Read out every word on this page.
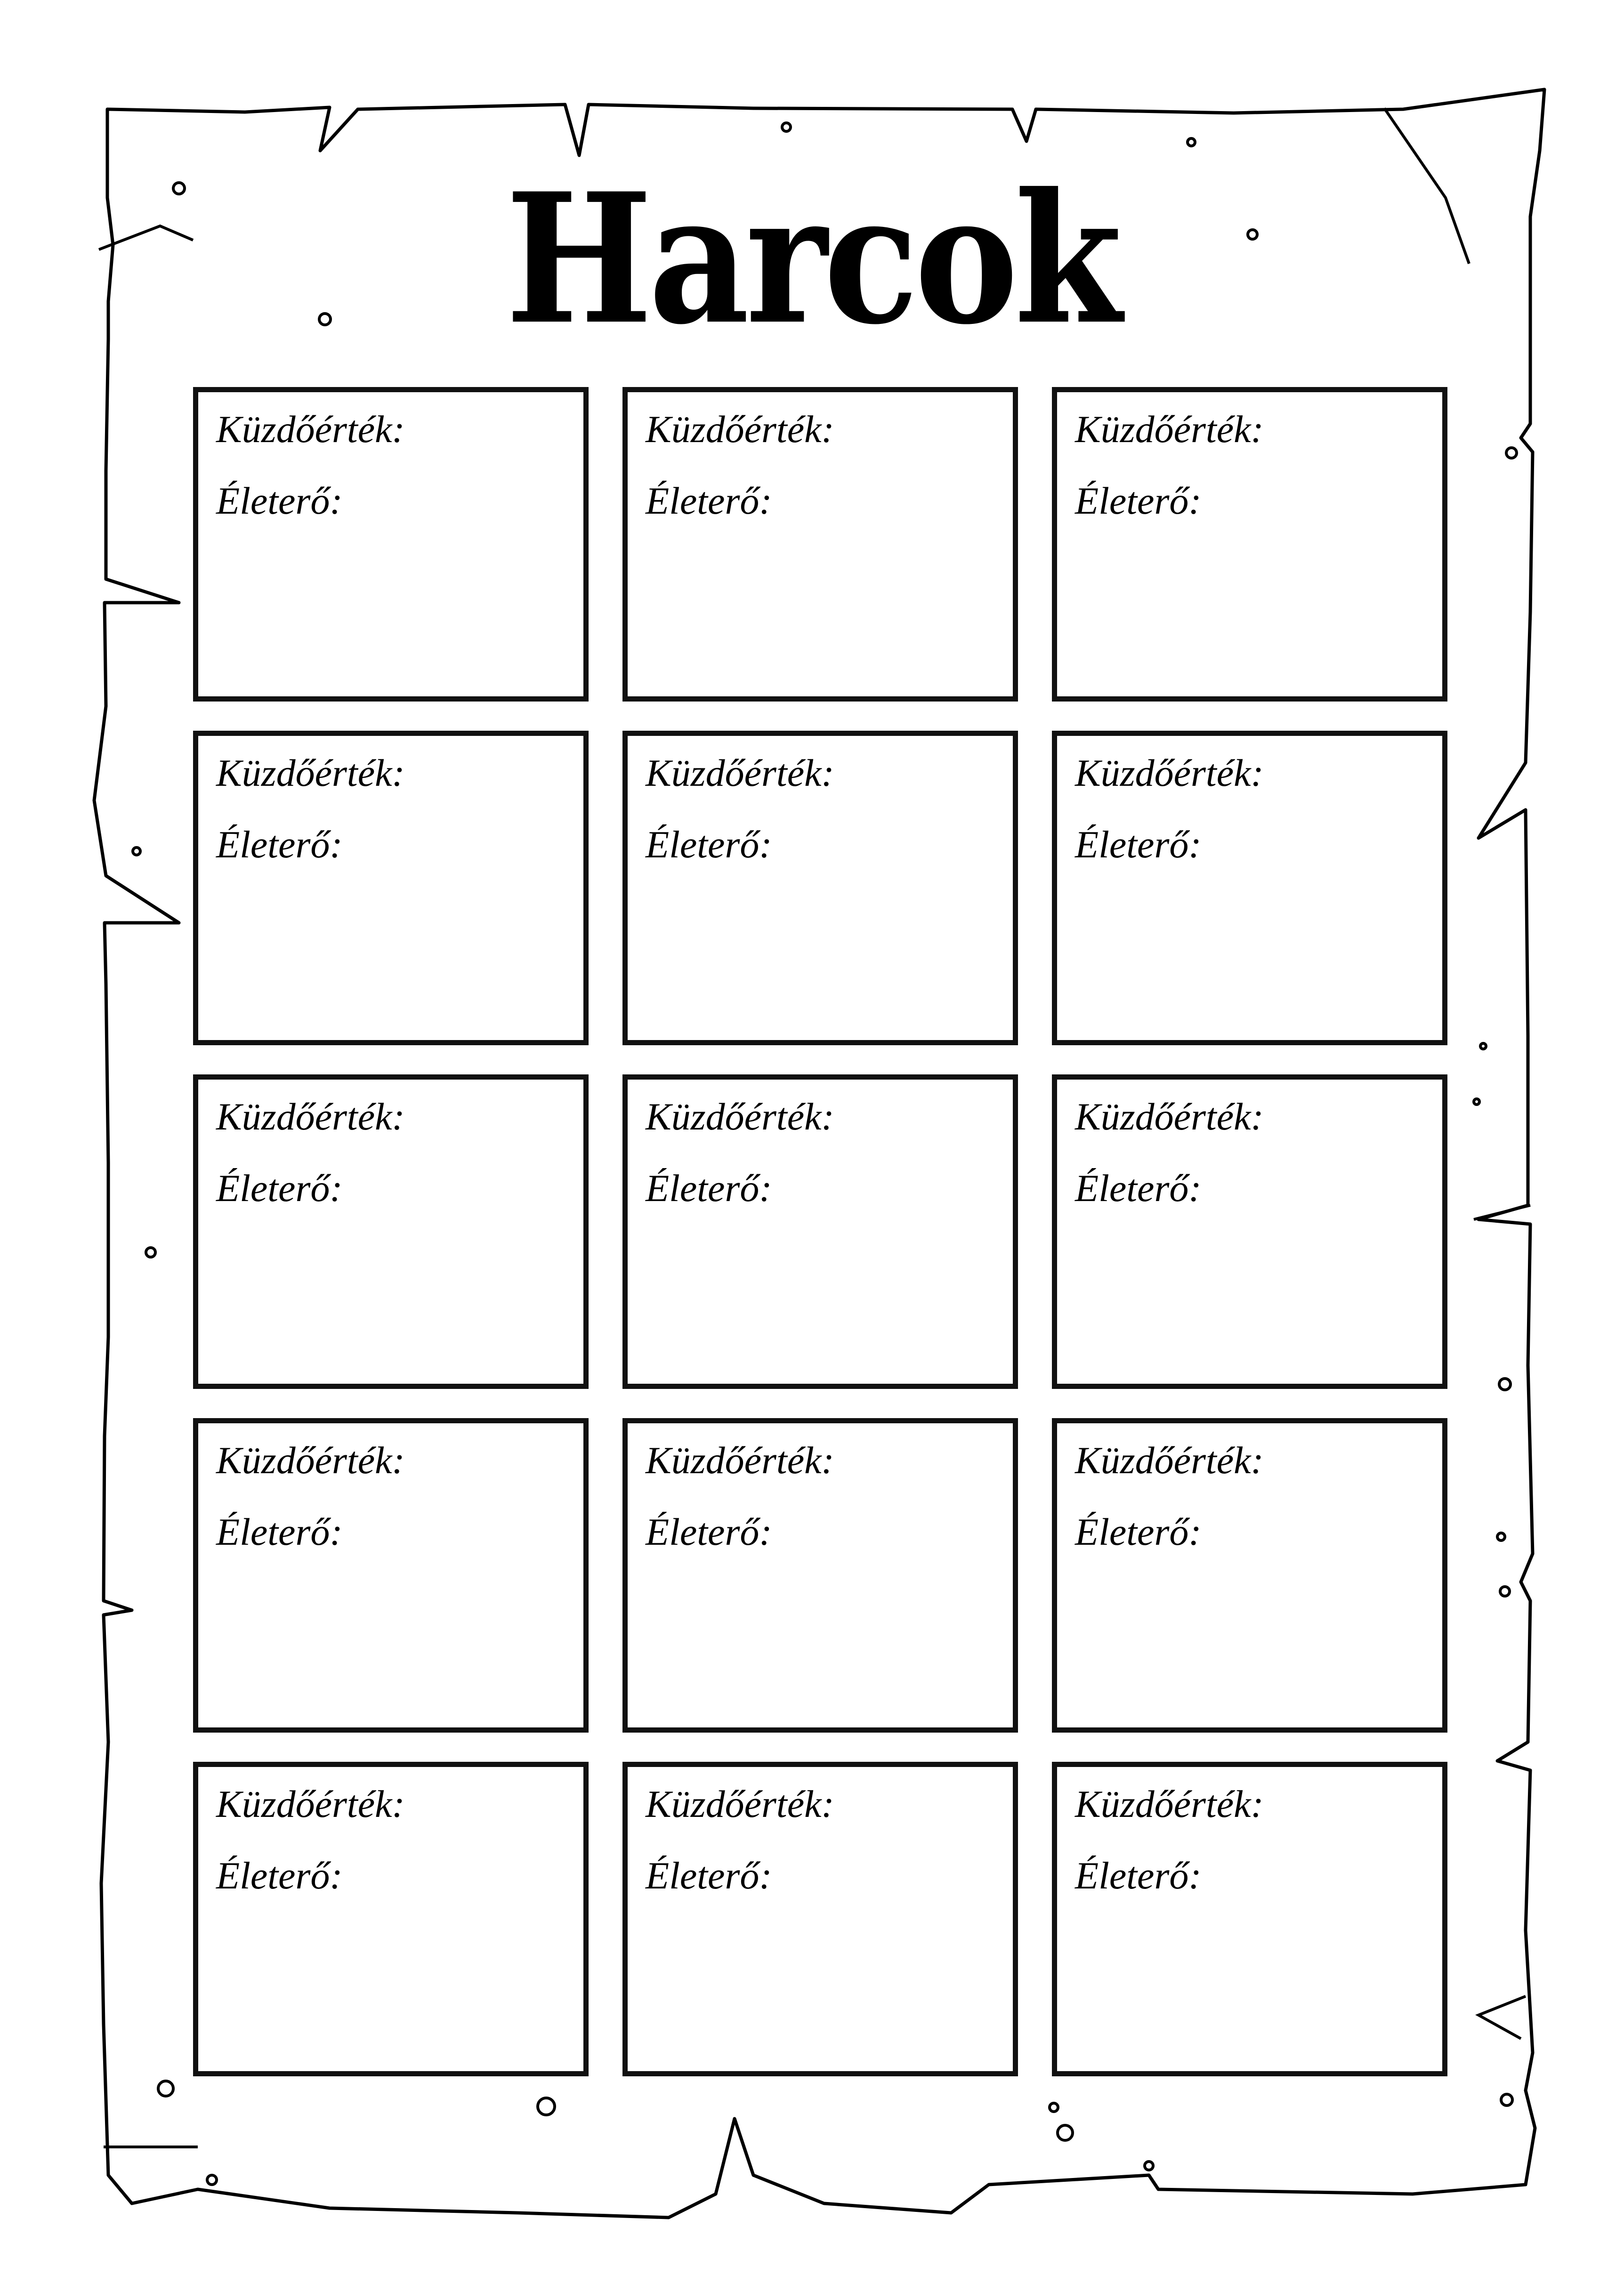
Harcok
Küzdőérték:
Életerő:
Küzdőérték:
Életerő:
Küzdőérték:
Életerő:
Küzdőérték:
Életerő:
Küzdőérték:
Életerő:
Küzdőérték:
Életerő:
Küzdőérték:
Életerő:
Küzdőérték:
Életerő:
Küzdőérték:
Életerő:
Küzdőérték:
Életerő:
Küzdőérték:
Életerő:
Küzdőérték:
Életerő:
Küzdőérték:
Életerő:
Küzdőérték:
Életerő:
Küzdőérték:
Életerő:
